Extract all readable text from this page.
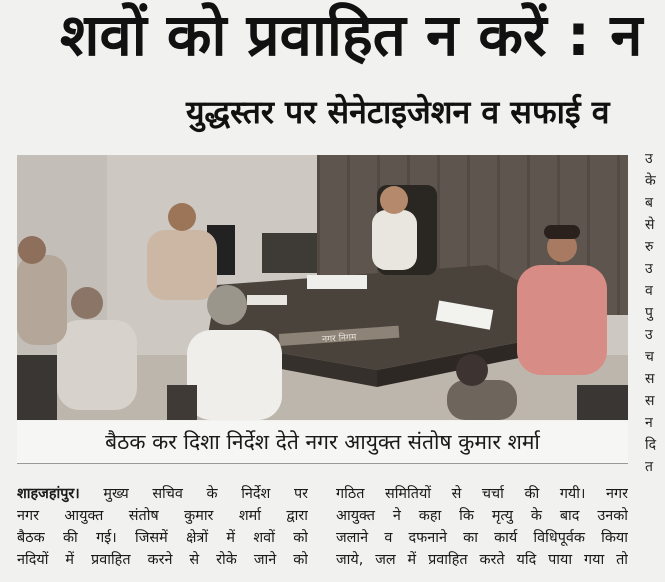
शवों को प्रवाहित न करें : न
युद्धस्तर पर सेनेटाइजेशन व सफाई व
नगर निगम
बैठक कर दिशा निर्देश देते नगर आयुक्त संतोष कुमार शर्मा
शाहजहांपुर। मुख्य सचिव के निर्देश पर
नगर आयुक्त संतोष कुमार शर्मा द्वारा
बैठक की गई। जिसमें क्षेत्रों में शवों को
नदियों में प्रवाहित करने से रोके जाने को
गठित समितियों से चर्चा की गयी। नगर
आयुक्त ने कहा कि मृत्यु के बाद उनको
जलाने व दफनाने का कार्य विधिपूर्वक किया
जाये, जल में प्रवाहित करते यदि पाया गया तो
उ
के
ब
से
रु
उ
व
पु
उ
च
स
स
न
दि
त
